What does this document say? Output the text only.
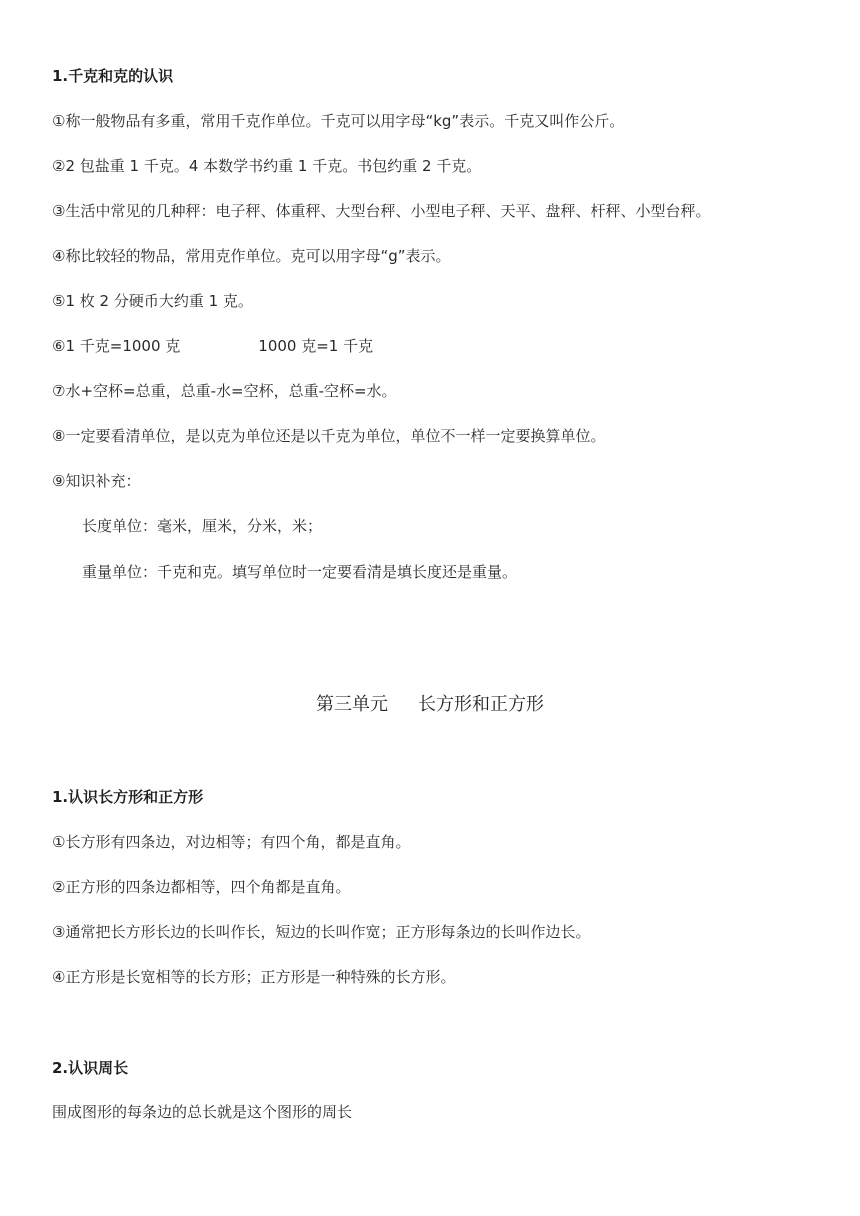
1.千克和克的认识
①称一般物品有多重，常用千克作单位。千克可以用字母“kg”表示。千克又叫作公斤。
②2 包盐重 1 千克。4 本数学书约重 1 千克。书包约重 2 千克。
③生活中常见的几种秤：电子秤、体重秤、大型台秤、小型电子秤、天平、盘秤、杆秤、小型台秤。
④称比较轻的物品，常用克作单位。克可以用字母“g”表示。
⑤1 枚 2 分硬币大约重 1 克。
⑥1 千克=1000 克	1000 克=1 千克
⑦水+空杯=总重，总重-水=空杯，总重-空杯=水。
⑧一定要看清单位，是以克为单位还是以千克为单位，单位不一样一定要换算单位。
⑨知识补充：
长度单位：毫米，厘米，分米，米；
重量单位：千克和克。填写单位时一定要看清是填长度还是重量。
第三单元 长方形和正方形
1.认识长方形和正方形
①长方形有四条边，对边相等；有四个角，都是直角。
②正方形的四条边都相等，四个角都是直角。
③通常把长方形长边的长叫作长，短边的长叫作宽；正方形每条边的长叫作边长。
④正方形是长宽相等的长方形；正方形是一种特殊的长方形。
2.认识周长
围成图形的每条边的总长就是这个图形的周长
